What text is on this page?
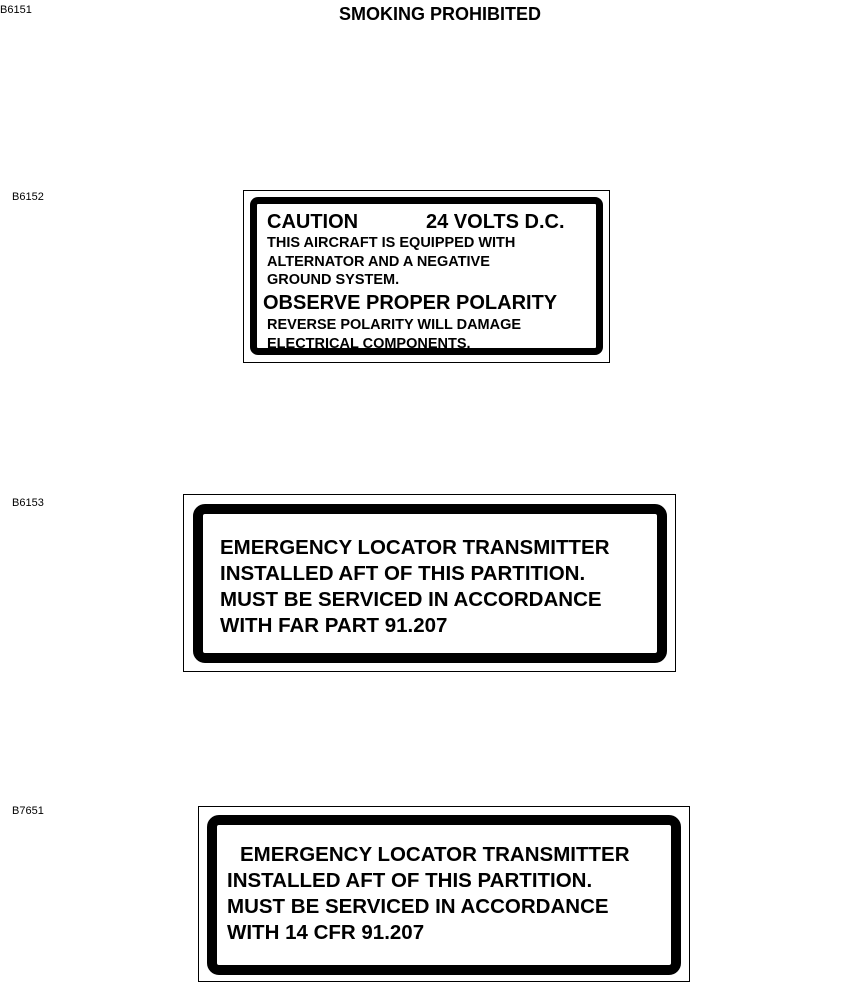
B6151
B6152
B6153
B7651
SMOKING PROHIBITED
CAUTION	24 VOLTS D.C.
THIS AIRCRAFT IS EQUIPPED WITH
ALTERNATOR AND A NEGATIVE
GROUND SYSTEM.
OBSERVE PROPER POLARITY
REVERSE POLARITY WILL DAMAGE
ELECTRICAL COMPONENTS.
EMERGENCY LOCATOR TRANSMITTER
INSTALLED AFT OF THIS PARTITION.
MUST BE SERVICED IN ACCORDANCE
WITH FAR PART 91.207
EMERGENCY LOCATOR TRANSMITTER
INSTALLED AFT OF THIS PARTITION.
MUST BE SERVICED IN ACCORDANCE
WITH 14 CFR 91.207
